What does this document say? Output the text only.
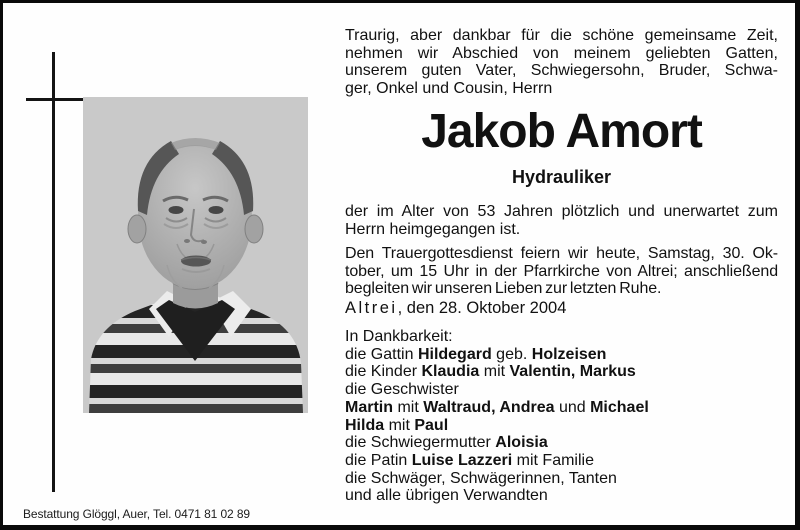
Traurig, aber dankbar für die schöne gemeinsame Zeit,
nehmen wir Abschied von meinem geliebten Gatten,
unserem guten Vater, Schwiegersohn, Bruder, Schwa-
ger, Onkel und Cousin, Herrn
Jakob Amort
Hydrauliker
der im Alter von 53 Jahren plötzlich und unerwartet zum
Herrn heimgegangen ist.
Den Trauergottesdienst feiern wir heute, Samstag, 30. Ok-
tober, um 15 Uhr in der Pfarrkirche von Altrei; anschließend
begleiten wir unseren Lieben zur letzten Ruhe.
Altrei, den 28. Oktober 2004
In Dankbarkeit:
die Gattin Hildegard geb. Holzeisen
die Kinder Klaudia mit Valentin, Markus
die Geschwister
Martin mit Waltraud, Andrea und Michael
Hilda mit Paul
die Schwiegermutter Aloisia
die Patin Luise Lazzeri mit Familie
die Schwäger, Schwägerinnen, Tanten
und alle übrigen Verwandten
Bestattung Glöggl, Auer, Tel. 0471 81 02 89
